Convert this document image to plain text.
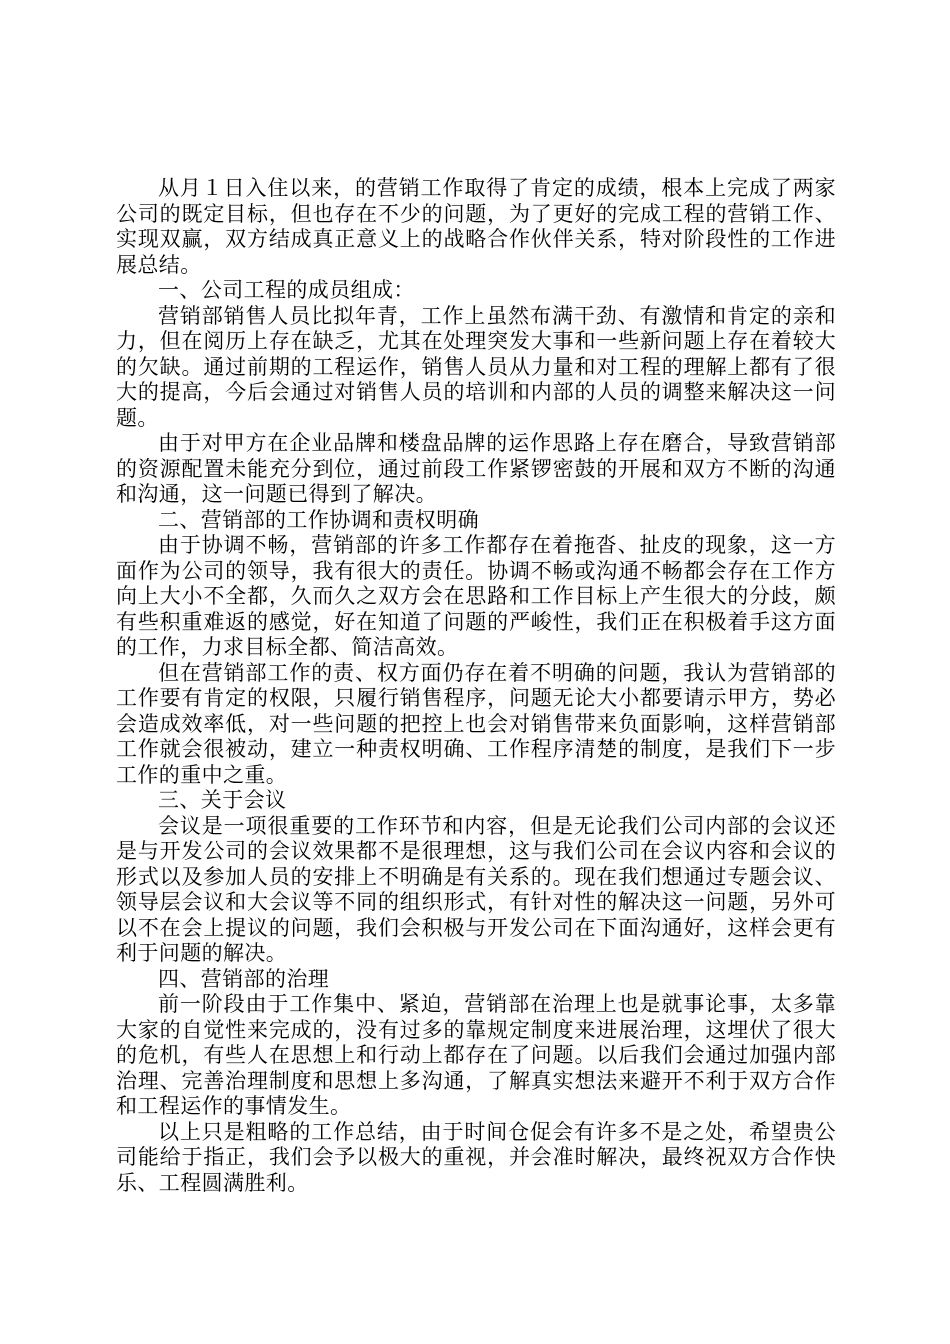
从月１日入住以来，的营销工作取得了肯定的成绩，根本上完成了两家公司的既定目标，但也存在不少的问题，为了更好的完成工程的营销工作、实现双赢，双方结成真正意义上的战略合作伙伴关系，特对阶段性的工作进展总结。

一、公司工程的成员组成：

营销部销售人员比拟年青，工作上虽然布满干劲、有激情和肯定的亲和力，但在阅历上存在缺乏，尤其在处理突发大事和一些新问题上存在着较大的欠缺。通过前期的工程运作，销售人员从力量和对工程的理解上都有了很大的提高，今后会通过对销售人员的培训和内部的人员的调整来解决这一问题。

由于对甲方在企业品牌和楼盘品牌的运作思路上存在磨合，导致营销部的资源配置未能充分到位，通过前段工作紧锣密鼓的开展和双方不断的沟通和沟通，这一问题已得到了解决。

二、营销部的工作协调和责权明确

由于协调不畅，营销部的许多工作都存在着拖沓、扯皮的现象，这一方面作为公司的领导，我有很大的责任。协调不畅或沟通不畅都会存在工作方向上大小不全都，久而久之双方会在思路和工作目标上产生很大的分歧，颇有些积重难返的感觉，好在知道了问题的严峻性，我们正在积极着手这方面的工作，力求目标全都、简洁高效。

但在营销部工作的责、权方面仍存在着不明确的问题，我认为营销部的工作要有肯定的权限，只履行销售程序，问题无论大小都要请示甲方，势必会造成效率低，对一些问题的把控上也会对销售带来负面影响，这样营销部工作就会很被动，建立一种责权明确、工作程序清楚的制度，是我们下一步工作的重中之重。

三、关于会议

会议是一项很重要的工作环节和内容，但是无论我们公司内部的会议还是与开发公司的会议效果都不是很理想，这与我们公司在会议内容和会议的形式以及参加人员的安排上不明确是有关系的。现在我们想通过专题会议、领导层会议和大会议等不同的组织形式，有针对性的解决这一问题，另外可以不在会上提议的问题，我们会积极与开发公司在下面沟通好，这样会更有利于问题的解决。

四、营销部的治理

前一阶段由于工作集中、紧迫，营销部在治理上也是就事论事，太多靠大家的自觉性来完成的，没有过多的靠规定制度来进展治理，这埋伏了很大的危机，有些人在思想上和行动上都存在了问题。以后我们会通过加强内部治理、完善治理制度和思想上多沟通，了解真实想法来避开不利于双方合作和工程运作的事情发生。

以上只是粗略的工作总结，由于时间仓促会有许多不是之处，希望贵公司能给于指正，我们会予以极大的重视，并会准时解决，最终祝双方合作快乐、工程圆满胜利。
